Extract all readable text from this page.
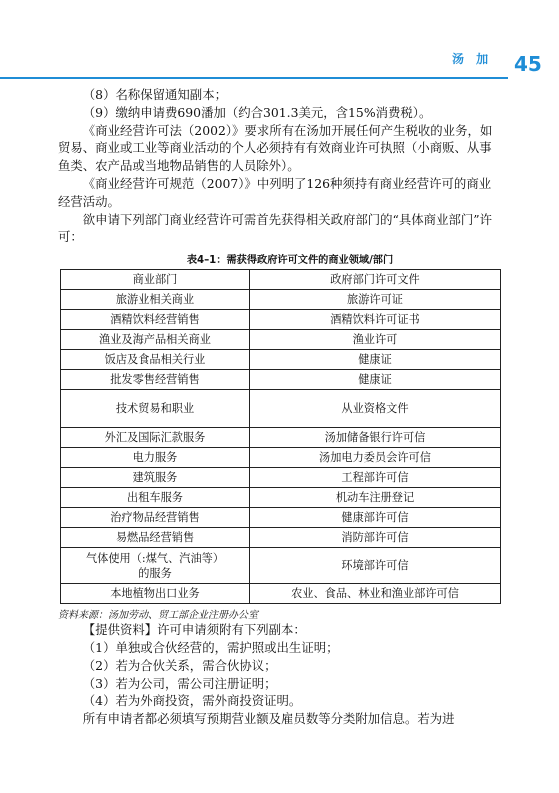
汤 加 45

（8）名称保留通知副本；

（9）缴纳申请费690潘加（约合301.3美元，含15%消费税）。

《商业经营许可法（2002）》要求所有在汤加开展任何产生税收的业务，如贸易、商业或工业等商业活动的个人必须持有有效商业许可执照（小商贩、从事鱼类、农产品或当地物品销售的人员除外）。

《商业经营许可规范（2007）》中列明了126种须持有商业经营许可的商业经营活动。

欲申请下列部门商业经营许可需首先获得相关政府部门的“具体商业部门”许可：

表4–1：需获得政府许可文件的商业领域/部门
商业部门	政府部门许可文件
旅游业相关商业	旅游许可证
酒精饮料经营销售	酒精饮料许可证书
渔业及海产品相关商业	渔业许可
饭店及食品相关行业	健康证
批发零售经营销售	健康证
技术贸易和职业	从业资格文件
外汇及国际汇款服务	汤加储备银行许可信
电力服务	汤加电力委员会许可信
建筑服务	工程部许可信
出租车服务	机动车注册登记
治疗物品经营销售	健康部许可信
易燃品经营销售	消防部许可信

气体使用（:煤气、汽油等）
的服务	环境部许可信
本地植物出口业务	农业、食品、林业和渔业部许可信

资料来源：汤加劳动、贸工部企业注册办公室

【提供资料】许可申请须附有下列副本：

（1）单独或合伙经营的，需护照或出生证明；

（2）若为合伙关系，需合伙协议；

（3）若为公司，需公司注册证明；

（4）若为外商投资，需外商投资证明。

所有申请者都必须填写预期营业额及雇员数等分类附加信息。若为进
